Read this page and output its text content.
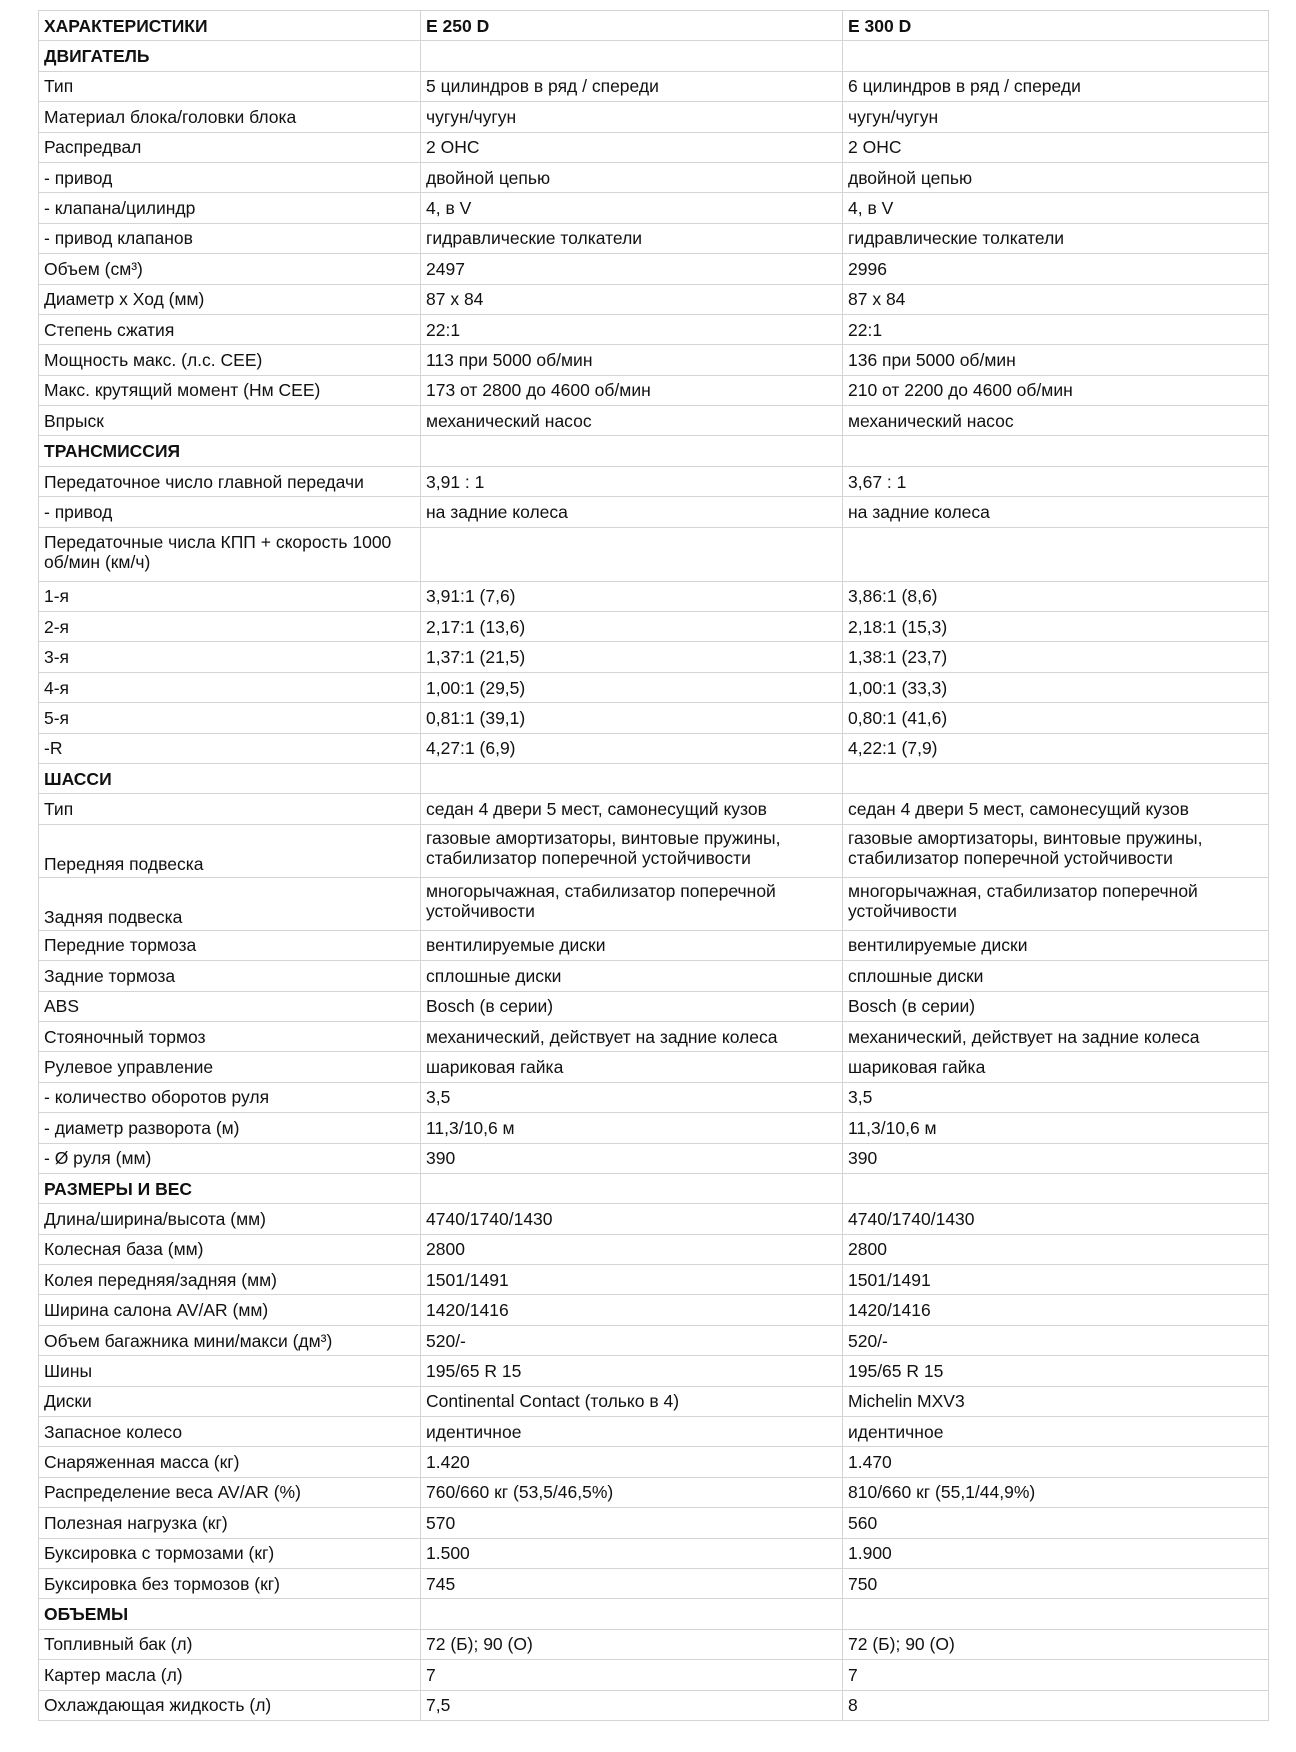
ХАРАКТЕРИСТИКИ	E 250 D	E 300 D
ДВИГАТЕЛЬ		
Тип	5 цилиндров в ряд / спереди	6 цилиндров в ряд / спереди
Материал блока/головки блока	чугун/чугун	чугун/чугун
Распредвал	2 OHC	2 OHC
- привод	двойной цепью	двойной цепью
- клапана/цилиндр	4, в V	4, в V
- привод клапанов	гидравлические толкатели	гидравлические толкатели
Объем (см³)	2497	2996
Диаметр х Ход (мм)	87 x 84	87 x 84
Степень сжатия	22:1	22:1
Мощность макс. (л.с. CEE)	113 при 5000 об/мин	136 при 5000 об/мин
Макс. крутящий момент (Нм CEE)	173 от 2800 до 4600 об/мин	210 от 2200 до 4600 об/мин
Впрыск	механический насос	механический насос
ТРАНСМИССИЯ		
Передаточное число главной передачи	3,91 : 1	3,67 : 1
- привод	на задние колеса	на задние колеса
Передаточные числа КПП + скорость 1000 об/мин (км/ч)		
1-я	3,91:1 (7,6)	3,86:1 (8,6)
2-я	2,17:1 (13,6)	2,18:1 (15,3)
3-я	1,37:1 (21,5)	1,38:1 (23,7)
4-я	1,00:1 (29,5)	1,00:1 (33,3)
5-я	0,81:1 (39,1)	0,80:1 (41,6)
-R	4,27:1 (6,9)	4,22:1 (7,9)
ШАССИ		
Тип	седан 4 двери 5 мест, самонесущий кузов	седан 4 двери 5 мест, самонесущий кузов
Передняя подвеска	газовые амортизаторы, винтовые пружины, стабилизатор поперечной устойчивости	газовые амортизаторы, винтовые пружины, стабилизатор поперечной устойчивости
Задняя подвеска	многорычажная, стабилизатор поперечной устойчивости	многорычажная, стабилизатор поперечной устойчивости
Передние тормоза	вентилируемые диски	вентилируемые диски
Задние тормоза	сплошные диски	сплошные диски
ABS	Bosch (в серии)	Bosch (в серии)
Стояночный тормоз	механический, действует на задние колеса	механический, действует на задние колеса
Рулевое управление	шариковая гайка	шариковая гайка
- количество оборотов руля	3,5	3,5
- диаметр разворота (м)	11,3/10,6 м	11,3/10,6 м
- Ø руля (мм)	390	390
РАЗМЕРЫ И ВЕС		
Длина/ширина/высота (мм)	4740/1740/1430	4740/1740/1430
Колесная база (мм)	2800	2800
Колея передняя/задняя (мм)	1501/1491	1501/1491
Ширина салона AV/AR (мм)	1420/1416	1420/1416
Объем багажника мини/макси (дм³)	520/-	520/-
Шины	195/65 R 15	195/65 R 15
Диски	Continental Contact (только в 4)	Michelin MXV3
Запасное колесо	идентичное	идентичное
Снаряженная масса (кг)	1.420	1.470
Распределение веса AV/AR (%)	760/660 кг (53,5/46,5%)	810/660 кг (55,1/44,9%)
Полезная нагрузка (кг)	570	560
Буксировка с тормозами (кг)	1.500	1.900
Буксировка без тормозов (кг)	745	750
ОБЪЕМЫ		
Топливный бак (л)	72 (Б); 90 (О)	72 (Б); 90 (О)
Картер масла (л)	7	7
Охлаждающая жидкость (л)	7,5	8
